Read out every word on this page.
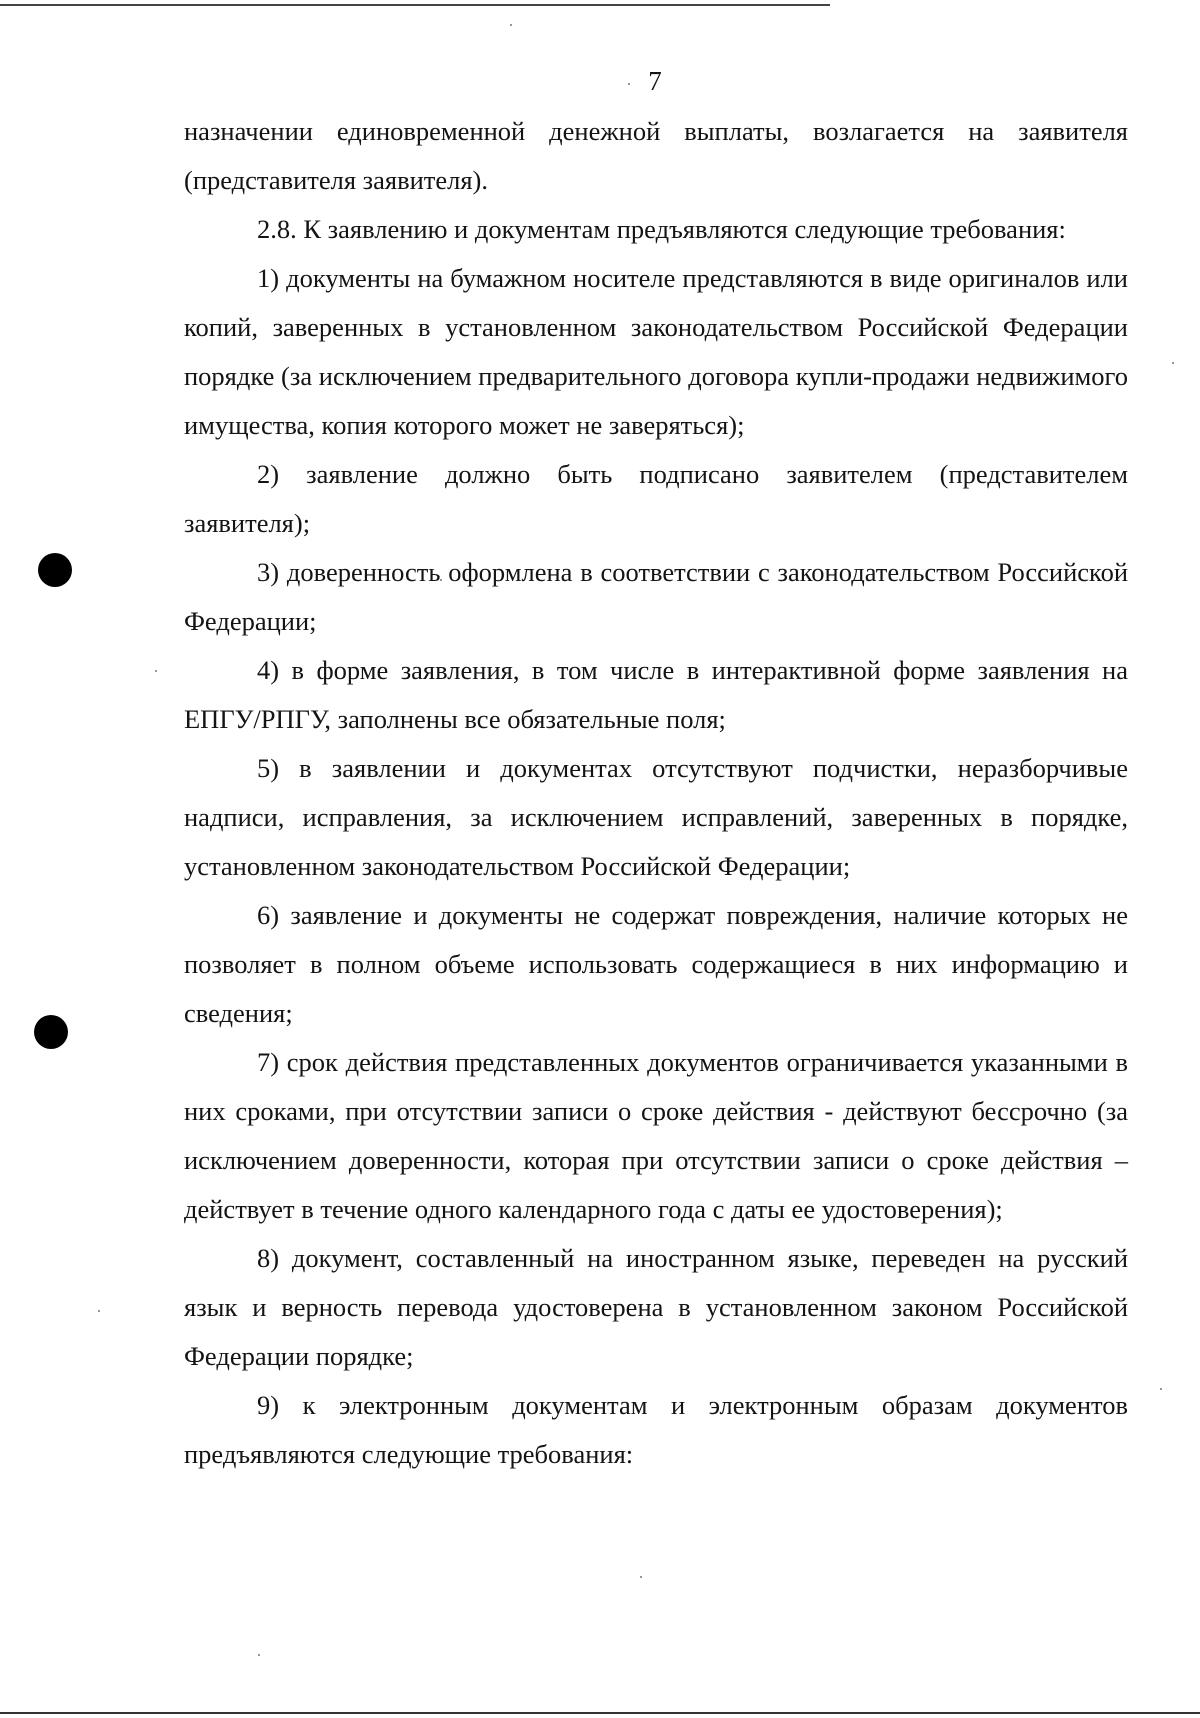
7

назначении единовременной денежной выплаты, возлагается на заявителя (представителя заявителя).

2.8. К заявлению и документам предъявляются следующие требования:

1) документы на бумажном носителе представляются в виде оригиналов или копий, заверенных в установленном законодательством Российской Федерации порядке (за исключением предварительного договора купли-продажи недвижимого имущества, копия которого может не заверяться);

2) заявление должно быть подписано заявителем (представителем заявителя);

3) доверенность оформлена в соответствии с законодательством Российской Федерации;

4) в форме заявления, в том числе в интерактивной форме заявления на ЕПГУ/РПГУ, заполнены все обязательные поля;

5) в заявлении и документах отсутствуют подчистки, неразборчивые надписи, исправления, за исключением исправлений, заверенных в порядке, установленном законодательством Российской Федерации;

6) заявление и документы не содержат повреждения, наличие которых не позволяет в полном объеме использовать содержащиеся в них информацию и сведения;

7) срок действия представленных документов ограничивается указанными в них сроками, при отсутствии записи о сроке действия - действуют бессрочно (за исключением доверенности, которая при отсутствии записи о сроке действия – действует в течение одного календарного года с даты ее удостоверения);

8) документ, составленный на иностранном языке, переведен на русский язык и верность перевода удостоверена в установленном законом Российской Федерации порядке;

9) к электронным документам и электронным образам документов предъявляются следующие требования:
